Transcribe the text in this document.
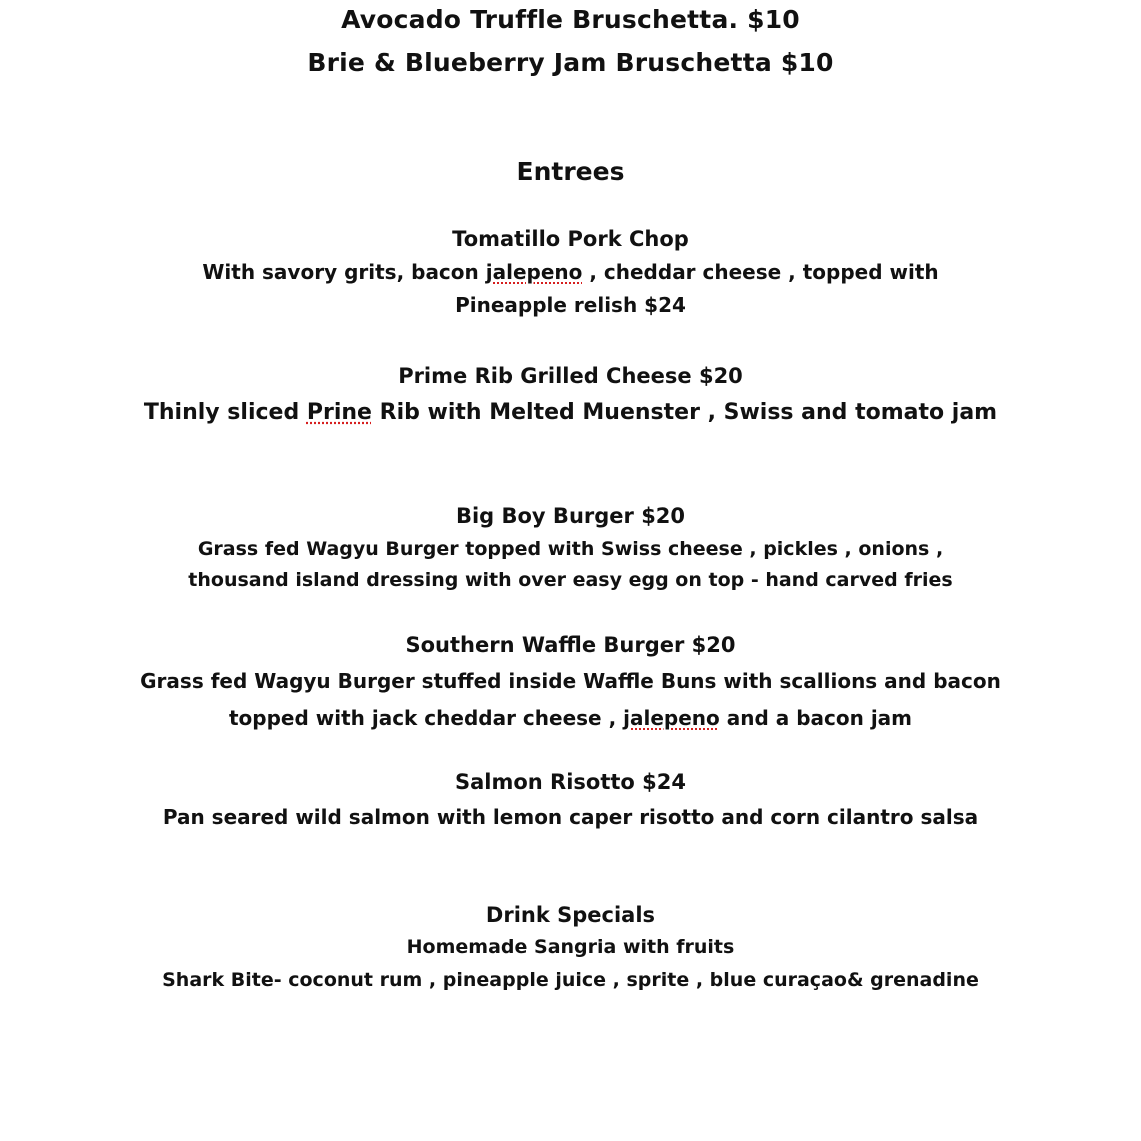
Avocado Truffle Bruschetta. $10
Brie & Blueberry Jam Bruschetta $10
Entrees
Tomatillo Pork Chop
With savory grits, bacon jalepeno , cheddar cheese , topped with
Pineapple relish $24
Prime Rib Grilled Cheese $20
Thinly sliced Prine Rib with Melted Muenster , Swiss and tomato jam
Big Boy Burger $20
Grass fed Wagyu Burger topped with Swiss cheese , pickles , onions ,
thousand island dressing with over easy egg on top - hand carved fries
Southern Waffle Burger $20
Grass fed Wagyu Burger stuffed inside Waffle Buns with scallions and bacon
topped with jack cheddar cheese , jalepeno and a bacon jam
Salmon Risotto $24
Pan seared wild salmon with lemon caper risotto and corn cilantro salsa
Drink Specials
Homemade Sangria with fruits
Shark Bite- coconut rum , pineapple juice , sprite , blue curaçao& grenadine
